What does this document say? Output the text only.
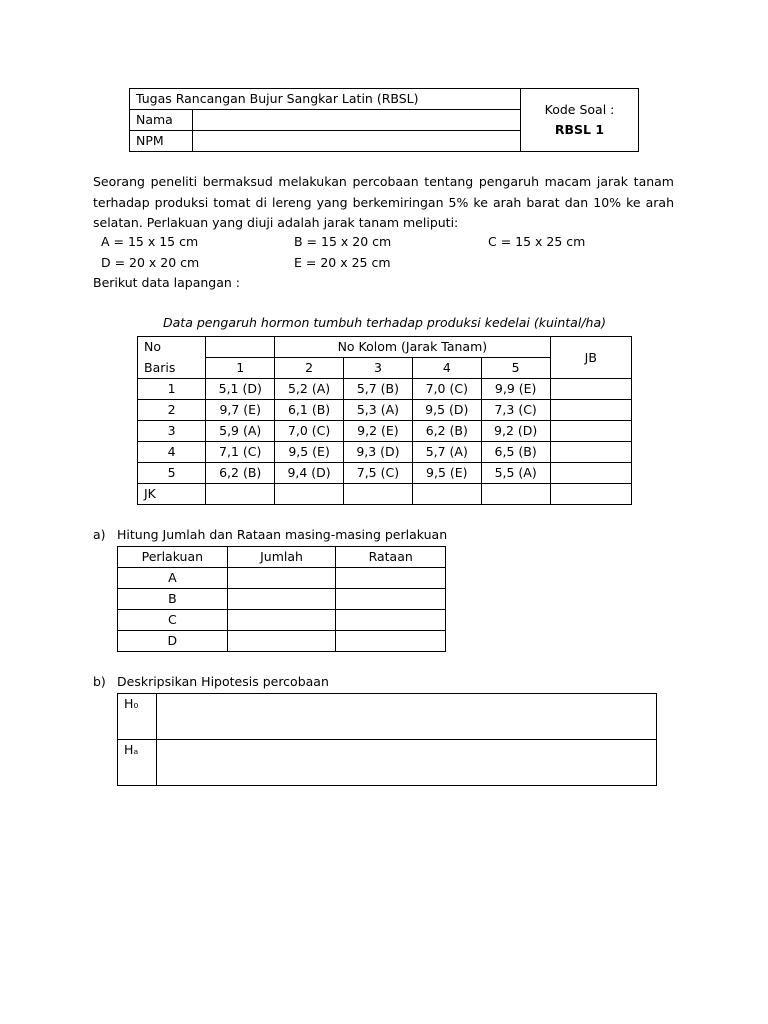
Tugas Rancangan Bujur Sangkar Latin (RBSL)		Kode Soal :
RBSL 1

Nama		
NPM		
Seorang peneliti bermaksud melakukan percobaan tentang pengaruh macam jarak tanam terhadap produksi tomat di lereng yang berkemiringan 5% ke arah barat dan 10% ke arah selatan. Perlakuan yang diuji adalah jarak tanam meliputi:
A = 15 x 15 cm	B = 15 x 20 cm	C = 15 x 25 cm
D = 20 x 20 cm	E = 20 x 25 cm
Berikut data lapangan :
Data pengaruh hormon tumbuh terhadap produksi kedelai (kuintal/ha)
No		No Kolom (Jarak Tanam)				JB
Baris	1	2	3	4	5	
1	5,1 (D)	5,2 (A)	5,7 (B)	7,0 (C)	9,9 (E)	
2	9,7 (E)	6,1 (B)	5,3 (A)	9,5 (D)	7,3 (C)	
3	5,9 (A)	7,0 (C)	9,2 (E)	6,2 (B)	9,2 (D)	
4	7,1 (C)	9,5 (E)	9,3 (D)	5,7 (A)	6,5 (B)	
5	6,2 (B)	9,4 (D)	7,5 (C)	9,5 (E)	5,5 (A)	
JK						
a) Hitung Jumlah dan Rataan masing-masing perlakuan
Perlakuan	Jumlah	Rataan
A		
B		
C		
D		
b) Deskripsikan Hipotesis percobaan
H₀	
Hₐ	
